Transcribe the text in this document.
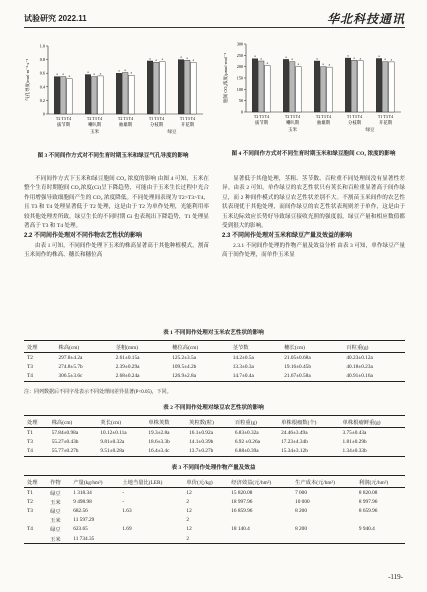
试验研究 2022.11	华北科技通讯
气孔导度/mol·m⁻²·s⁻¹
0
0.2
0.4
0.6
0.8
1.0
a a
a
T2 T3 T4
拔节期
a
a a
T2 T3 T4
喇叭期
a a
a
T2 T3 T4
抽雄期
a a a
T1 T3 T4
分枝期
a a
a
T1 T3 T4
开花期
玉米	绿豆
图 3 不同间作方式对不同生育时期玉米和绿豆气孔导度的影响
胞间 CO₂浓度/μmol·mol⁻¹
0
50
100
150
200
250
300
a
a
a
T2 T3 T4
拔节期
a
a
a
T2 T3 T4
喇叭期
a
a a
T2 T3 T4
抽雄期
a
a a
T1 T3 T4
分枝期
a
a a
T1 T3 T4
开花期
玉米	绿豆
图 4 不同间作方式对不同生育时期玉米和绿豆胞间 CO₂ 浓度的影响

不同间作方式下玉米和绿豆胞间 CO₂ 浓度的影响 由图 4 可知，玉米在整个生育时期胞间 CO₂浓度(Ci)呈下降趋势，可能由于玉米生长过程中光合作用增强导致细胞间产生的 CO₂ 浓度降低。不同处理间表现为 T2>T3>T4，且 T3 和 T4 处理显著低于 T2 处理，这是由于 T2 为单作处理，光能利用率较其他处理差所致。绿豆生长的不同时期 Gi 也表现出下降趋势，T1 处理显著高于 T3 和 T4 处理。

2.2 不同间作处理对不同作物农艺性状的影响

由表 1 可知，不同间作处理下玉米的株高显著高于其他种植模式，割苗玉米间作的株高、穗长和穗位高

显著低于其他处理，茎粗、茎节数、百粒重不同处理间没有显著性差异。由表 2 可知，单作绿豆的农艺性状只有荚长和百粒重显著高于间作绿豆，而 2 种间作模式的绿豆农艺性状差别不大。不割苗玉米间作的农艺性状表现优于其他处理，而间作绿豆的农艺性状表现则差于单作，这是由于玉米边际效应长势好导致绿豆接收光照的强度弱，绿豆产量和相应数值都受到很大的影响。

2.3 不同间作处理对玉米和绿豆产量及效益的影响

2.3.1 不同间作处理的作物产量及效益分析 由表 3 可知，单作绿豆产量高于间作处理，而单作玉米显

表 1 不同间作处理对玉米农艺性状的影响
处理	株高(cm)	茎粗(mm)	穗位高(cm)	茎节数	穗长(cm)	百粒重(g)
T2	297.8±4.2a	2.61±0.15a	125.2±3.5a	14.2±0.5a	21.05±0.68a	40.23±0.12a
T3	274.8±5.7b	2.39±0.29a	109.5±4.2b	13.3±0.3a	19.16±0.45b	40.18±0.23a
T4	306.5±3.6c	2.68±0.24a	126.9±2.8a	14.7±0.4a	21.67±0.58a	40.91±0.16a
注：同列数据后不同字母表示不同处理间差异显著(P<0.05)，下同。
表 2 不同间作处理对绿豆农艺性状的影响
处理	株高(cm)	荚长(cm)	单株荚数	荚粒数(粒)	百粒重(g)	单株根瘤数(个)	单株根瘤鲜重(g)
T1	57.84±0.98a	10.12±0.11a	19.3±2.8a	16.1±0.92a	6.83±0.32a	24.46±3.49a	3.75±0.43a
T3	55.27±0.43b	9.81±0.32a	18.6±3.3b	14.1±0.39b	6.92 ±0.26a	17.23±4.34b	1.81±0.29b
T4	55.77±0.27b	9.51±0.28a	16.4±3.4c	13.7±0.27b	6.88±0.39a	15.34±3.12b	1.34±0.33b
表 3 不同间作处理作物产量及效益
处理	作物	产量(kg/hm²)	土地当量比(LER)	单价(元/kg)	经济效益(元/hm²)	生产成本(元/hm²)	利润(元/hm²)
T1	绿豆	1 318.34	-	12	15 820.08	7 000	8 820.08
T2	玉米	9 498.98	-	2	18 997.96	10 000	8 997.96
T3	绿豆	682.56	1.63	12	16 859.96	8 200	8 659.96
	玉米	11 597.29		2			
T4	绿豆	623.65	1.69	12	18 140.4	8 200	9 940.4
	玉米	11 734.35		2			
-119-
